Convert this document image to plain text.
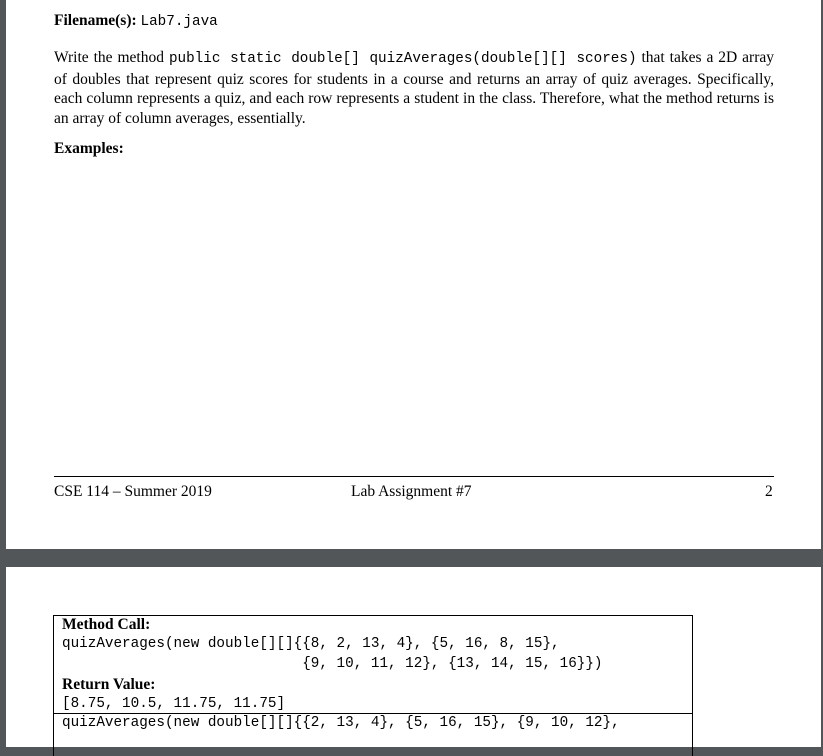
Filename(s): Lab7.java
Write the method public static double[] quizAverages(double[][] scores) that takes a 2D array of doubles that represent quiz scores for students in a course and returns an array of quiz averages. Specifically, each column represents a quiz, and each row represents a student in the class. Therefore, what the method returns is an array of column averages, essentially.
Examples:
CSE 114 – Summer 2019	Lab Assignment #7	2
Method Call:
quizAverages(new double[][]{{8, 2, 13, 4}, {5, 16, 8, 15},
{9, 10, 11, 12}, {13, 14, 15, 16}})
Return Value:
[8.75, 10.5, 11.75, 11.75]
quizAverages(new double[][]{{2, 13, 4}, {5, 16, 15}, {9, 10, 12},
